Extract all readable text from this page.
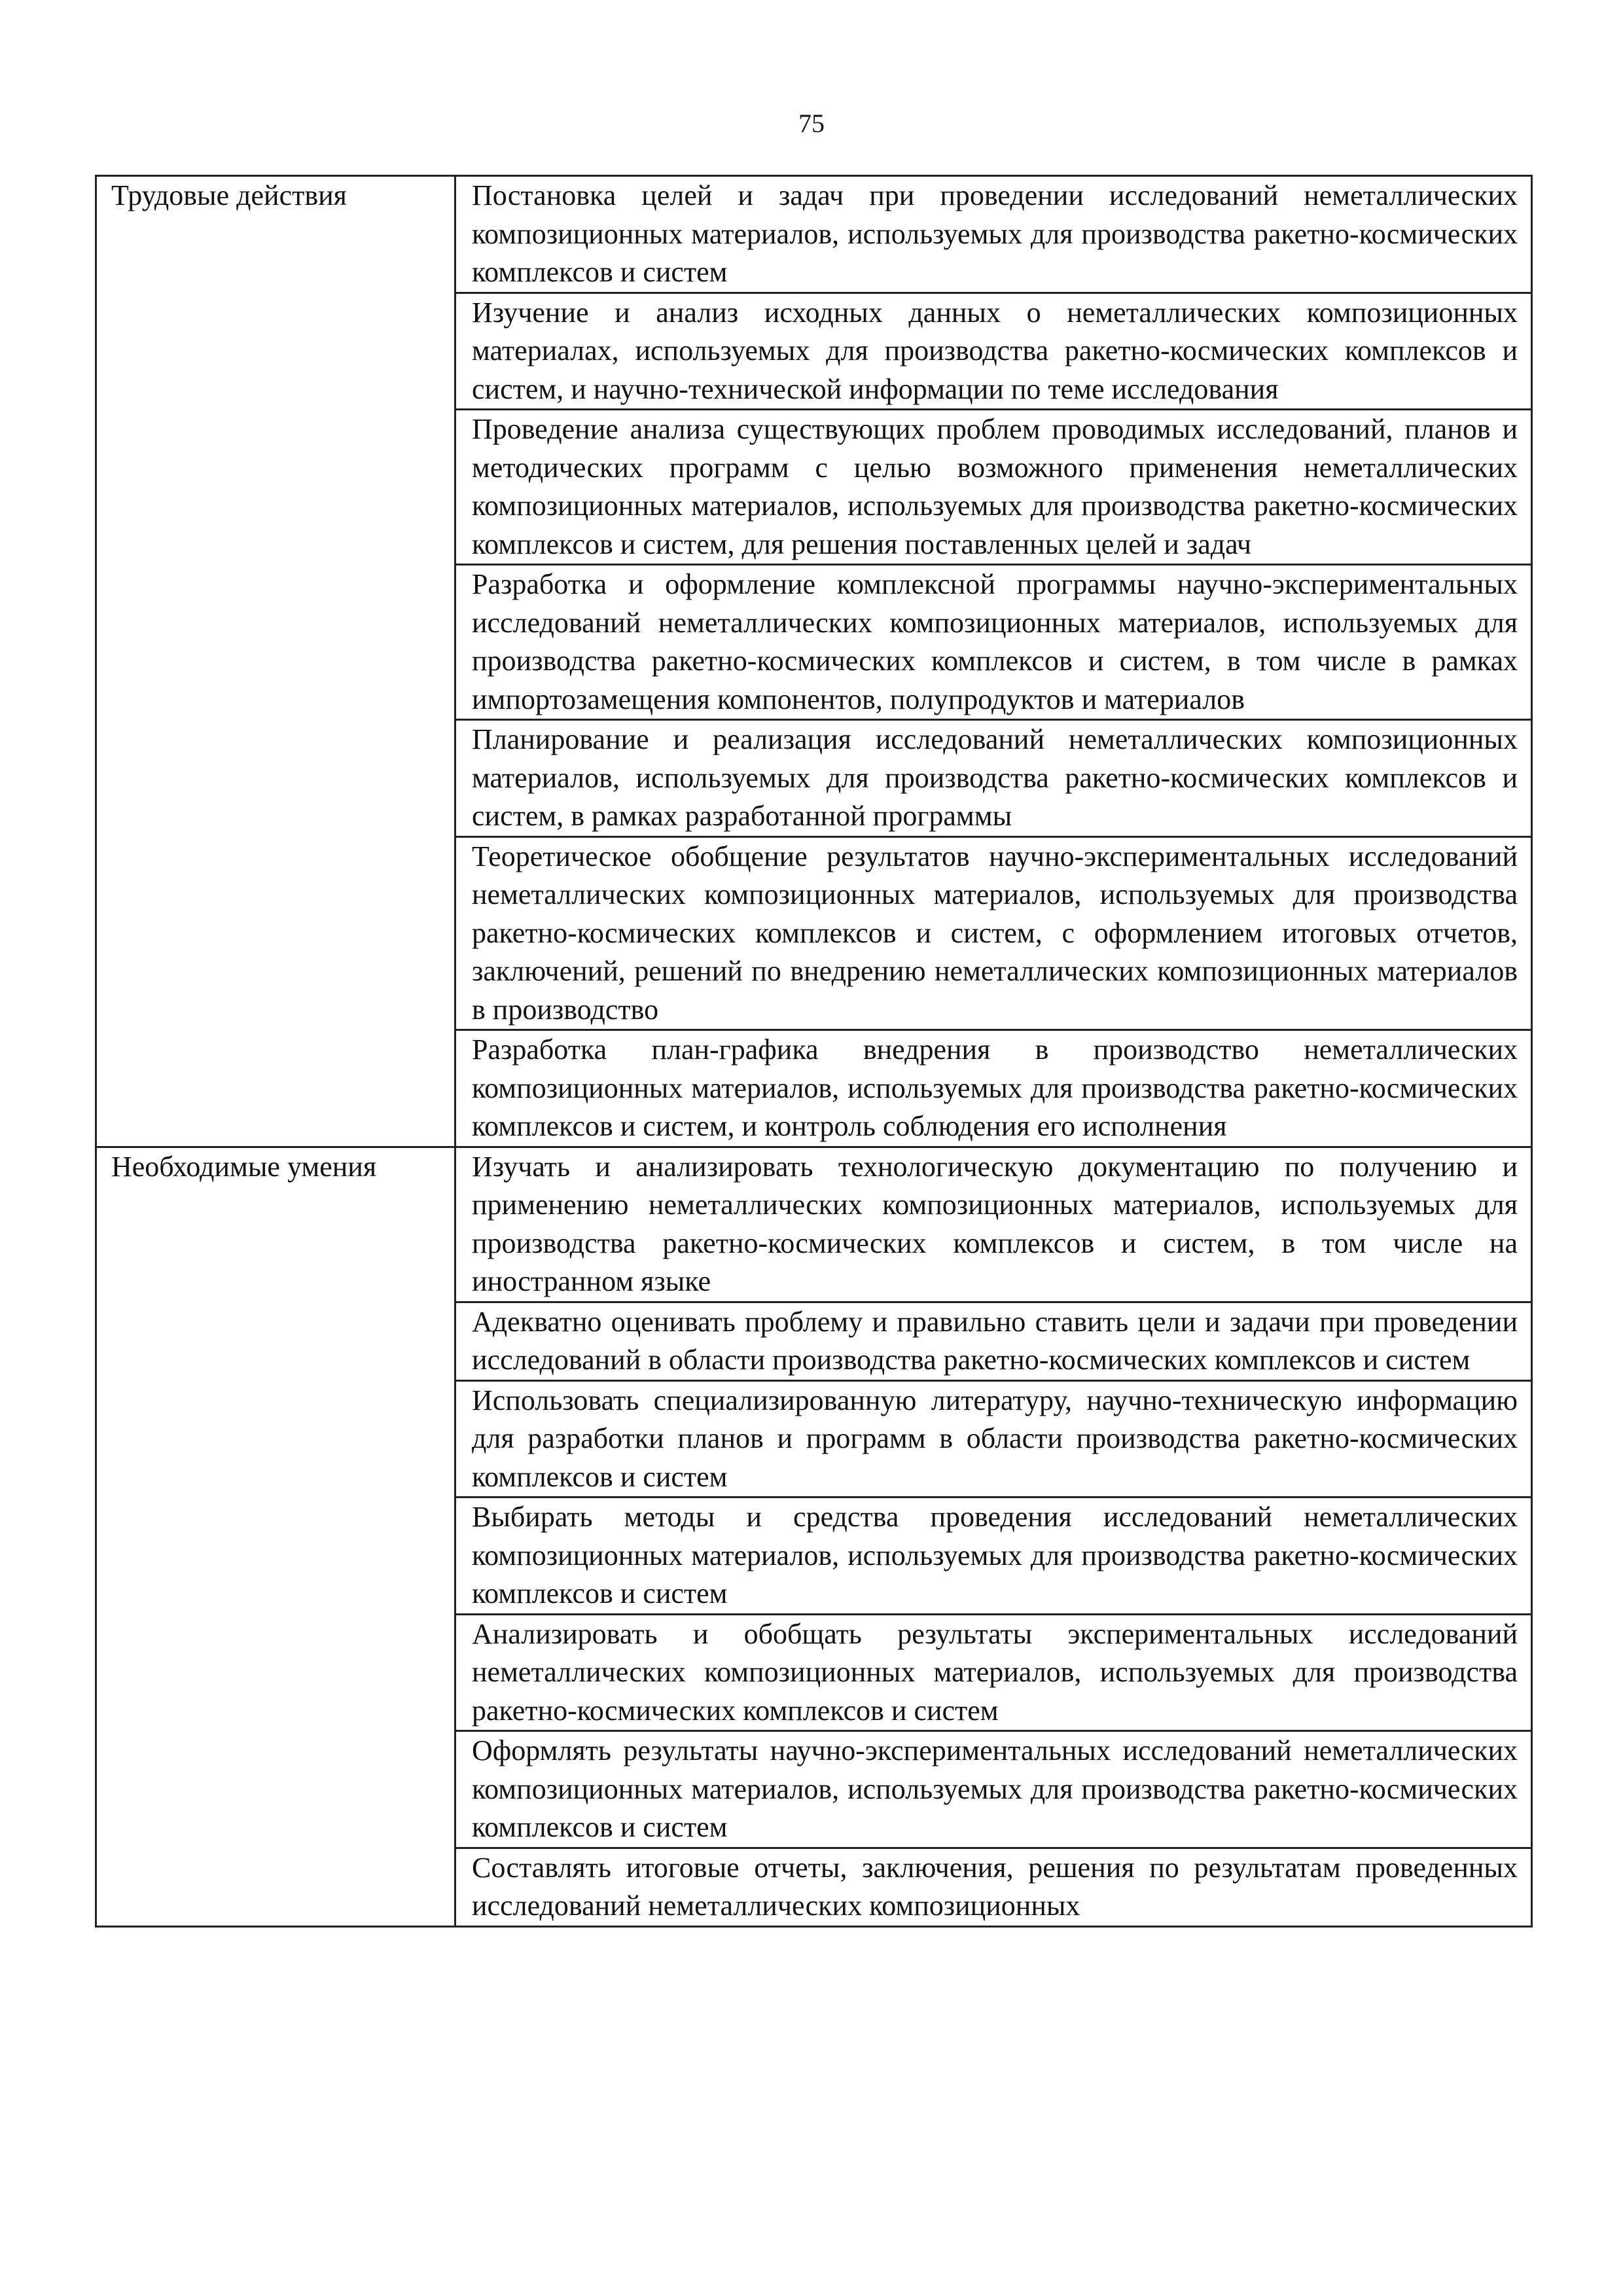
75
Трудовые действия	Постановка целей и задач при проведении исследований неметаллических композиционных материалов, используемых для производства ракетно-космических комплексов и систем
	Изучение и анализ исходных данных о неметаллических композиционных материалах, используемых для производства ракетно-космических комплексов и систем, и научно-технической информации по теме исследования
	Проведение анализа существующих проблем проводимых исследований, планов и методических программ с целью возможного применения неметаллических композиционных материалов, используемых для производства ракетно-космических комплексов и систем, для решения поставленных целей и задач
	Разработка и оформление комплексной программы научно-экспериментальных исследований неметаллических композиционных материалов, используемых для производства ракетно-космических комплексов и систем, в том числе в рамках импортозамещения компонентов, полупродуктов и материалов
	Планирование и реализация исследований неметаллических композиционных материалов, используемых для производства ракетно-космических комплексов и систем, в рамках разработанной программы
	Теоретическое обобщение результатов научно-экспериментальных исследований неметаллических композиционных материалов, используемых для производства ракетно-космических комплексов и систем, с оформлением итоговых отчетов, заключений, решений по внедрению неметаллических композиционных материалов в производство
	Разработка план-графика внедрения в производство неметаллических композиционных материалов, используемых для производства ракетно-космических комплексов и систем, и контроль соблюдения его исполнения
Необходимые умения	Изучать и анализировать технологическую документацию по получению и применению неметаллических композиционных материалов, используемых для производства ракетно-космических комплексов и систем, в том числе на иностранном языке
	Адекватно оценивать проблему и правильно ставить цели и задачи при проведении исследований в области производства ракетно-космических комплексов и систем
	Использовать специализированную литературу, научно-техническую информацию для разработки планов и программ в области производства ракетно-космических комплексов и систем
	Выбирать методы и средства проведения исследований неметаллических композиционных материалов, используемых для производства ракетно-космических комплексов и систем
	Анализировать и обобщать результаты экспериментальных исследований неметаллических композиционных материалов, используемых для производства ракетно-космических комплексов и систем
	Оформлять результаты научно-экспериментальных исследований неметаллических композиционных материалов, используемых для производства ракетно-космических комплексов и систем
	Составлять итоговые отчеты, заключения, решения по результатам проведенных исследований неметаллических композиционных
